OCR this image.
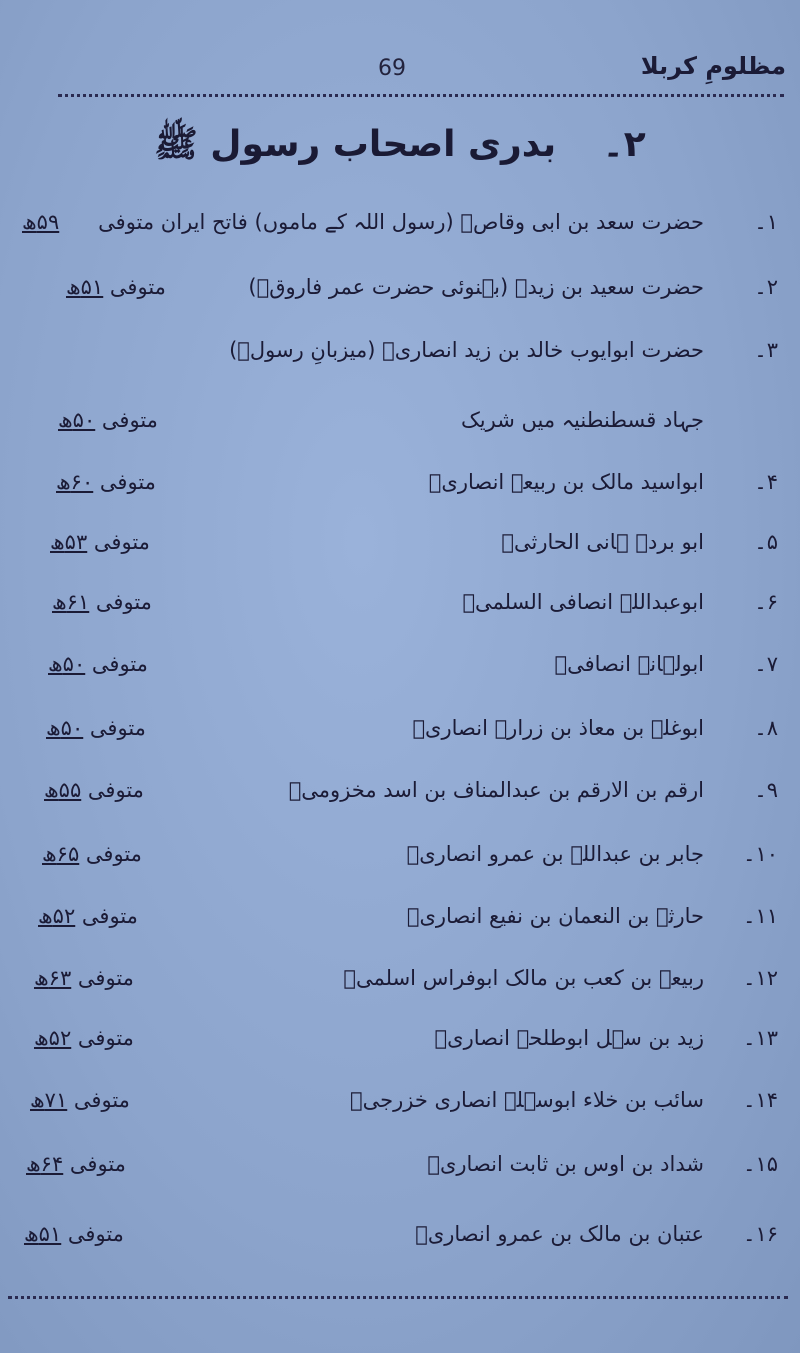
69	مظلومِ کربلا
۲۔ بدری اصحاب رسول ﷺ
۱۔
حضرت سعد بن ابی وقاصؓ (رسول اللہ کے ماموں) فاتح ایران متوفی
۵۹ھ
۲۔
حضرت سعید بن زیدؓ (بہنوئی حضرت عمر فاروقؓ)
متوفی ۵۱ھ
۳۔
حضرت ابوایوب خالد بن زید انصاریؓ (میزبانِ رسولؐ)
جہاد قسطنطنیہ میں شریک
متوفی ۵۰ھ
۴۔
ابواسید مالک بن ربیعہ انصاریؓ
متوفی ۶۰ھ
۵۔
ابو بردہ ہانی الحارثیؓ
متوفی ۵۳ھ
۶۔
ابوعبداللہ انصافی السلمیؓ
متوفی ۶۱ھ
۷۔
ابولہانہ انصافیؓ
متوفی ۵۰ھ
۸۔
ابوغلہ بن معاذ بن زرارہ انصاریؓ
متوفی ۵۰ھ
۹۔
ارقم بن الارقم بن عبدالمناف بن اسد مخزومیؓ
متوفی ۵۵ھ
۱۰۔
جابر بن عبداللہ بن عمرو انصاریؓ
متوفی ۶۵ھ
۱۱۔
حارثہ بن النعمان بن نفیع انصاریؓ
متوفی ۵۲ھ
۱۲۔
ربیعہ بن کعب بن مالک ابوفراس اسلمیؓ
متوفی ۶۳ھ
۱۳۔
زید بن سہل ابوطلحہ انصاریؓ
متوفی ۵۲ھ
۱۴۔
سائب بن خلاء ابوسہلہ انصاری خزرجیؓ
متوفی ۷۱ھ
۱۵۔
شداد بن اوس بن ثابت انصاریؓ
متوفی ۶۴ھ
۱۶۔
عتبان بن مالک بن عمرو انصاریؓ
متوفی ۵۱ھ
